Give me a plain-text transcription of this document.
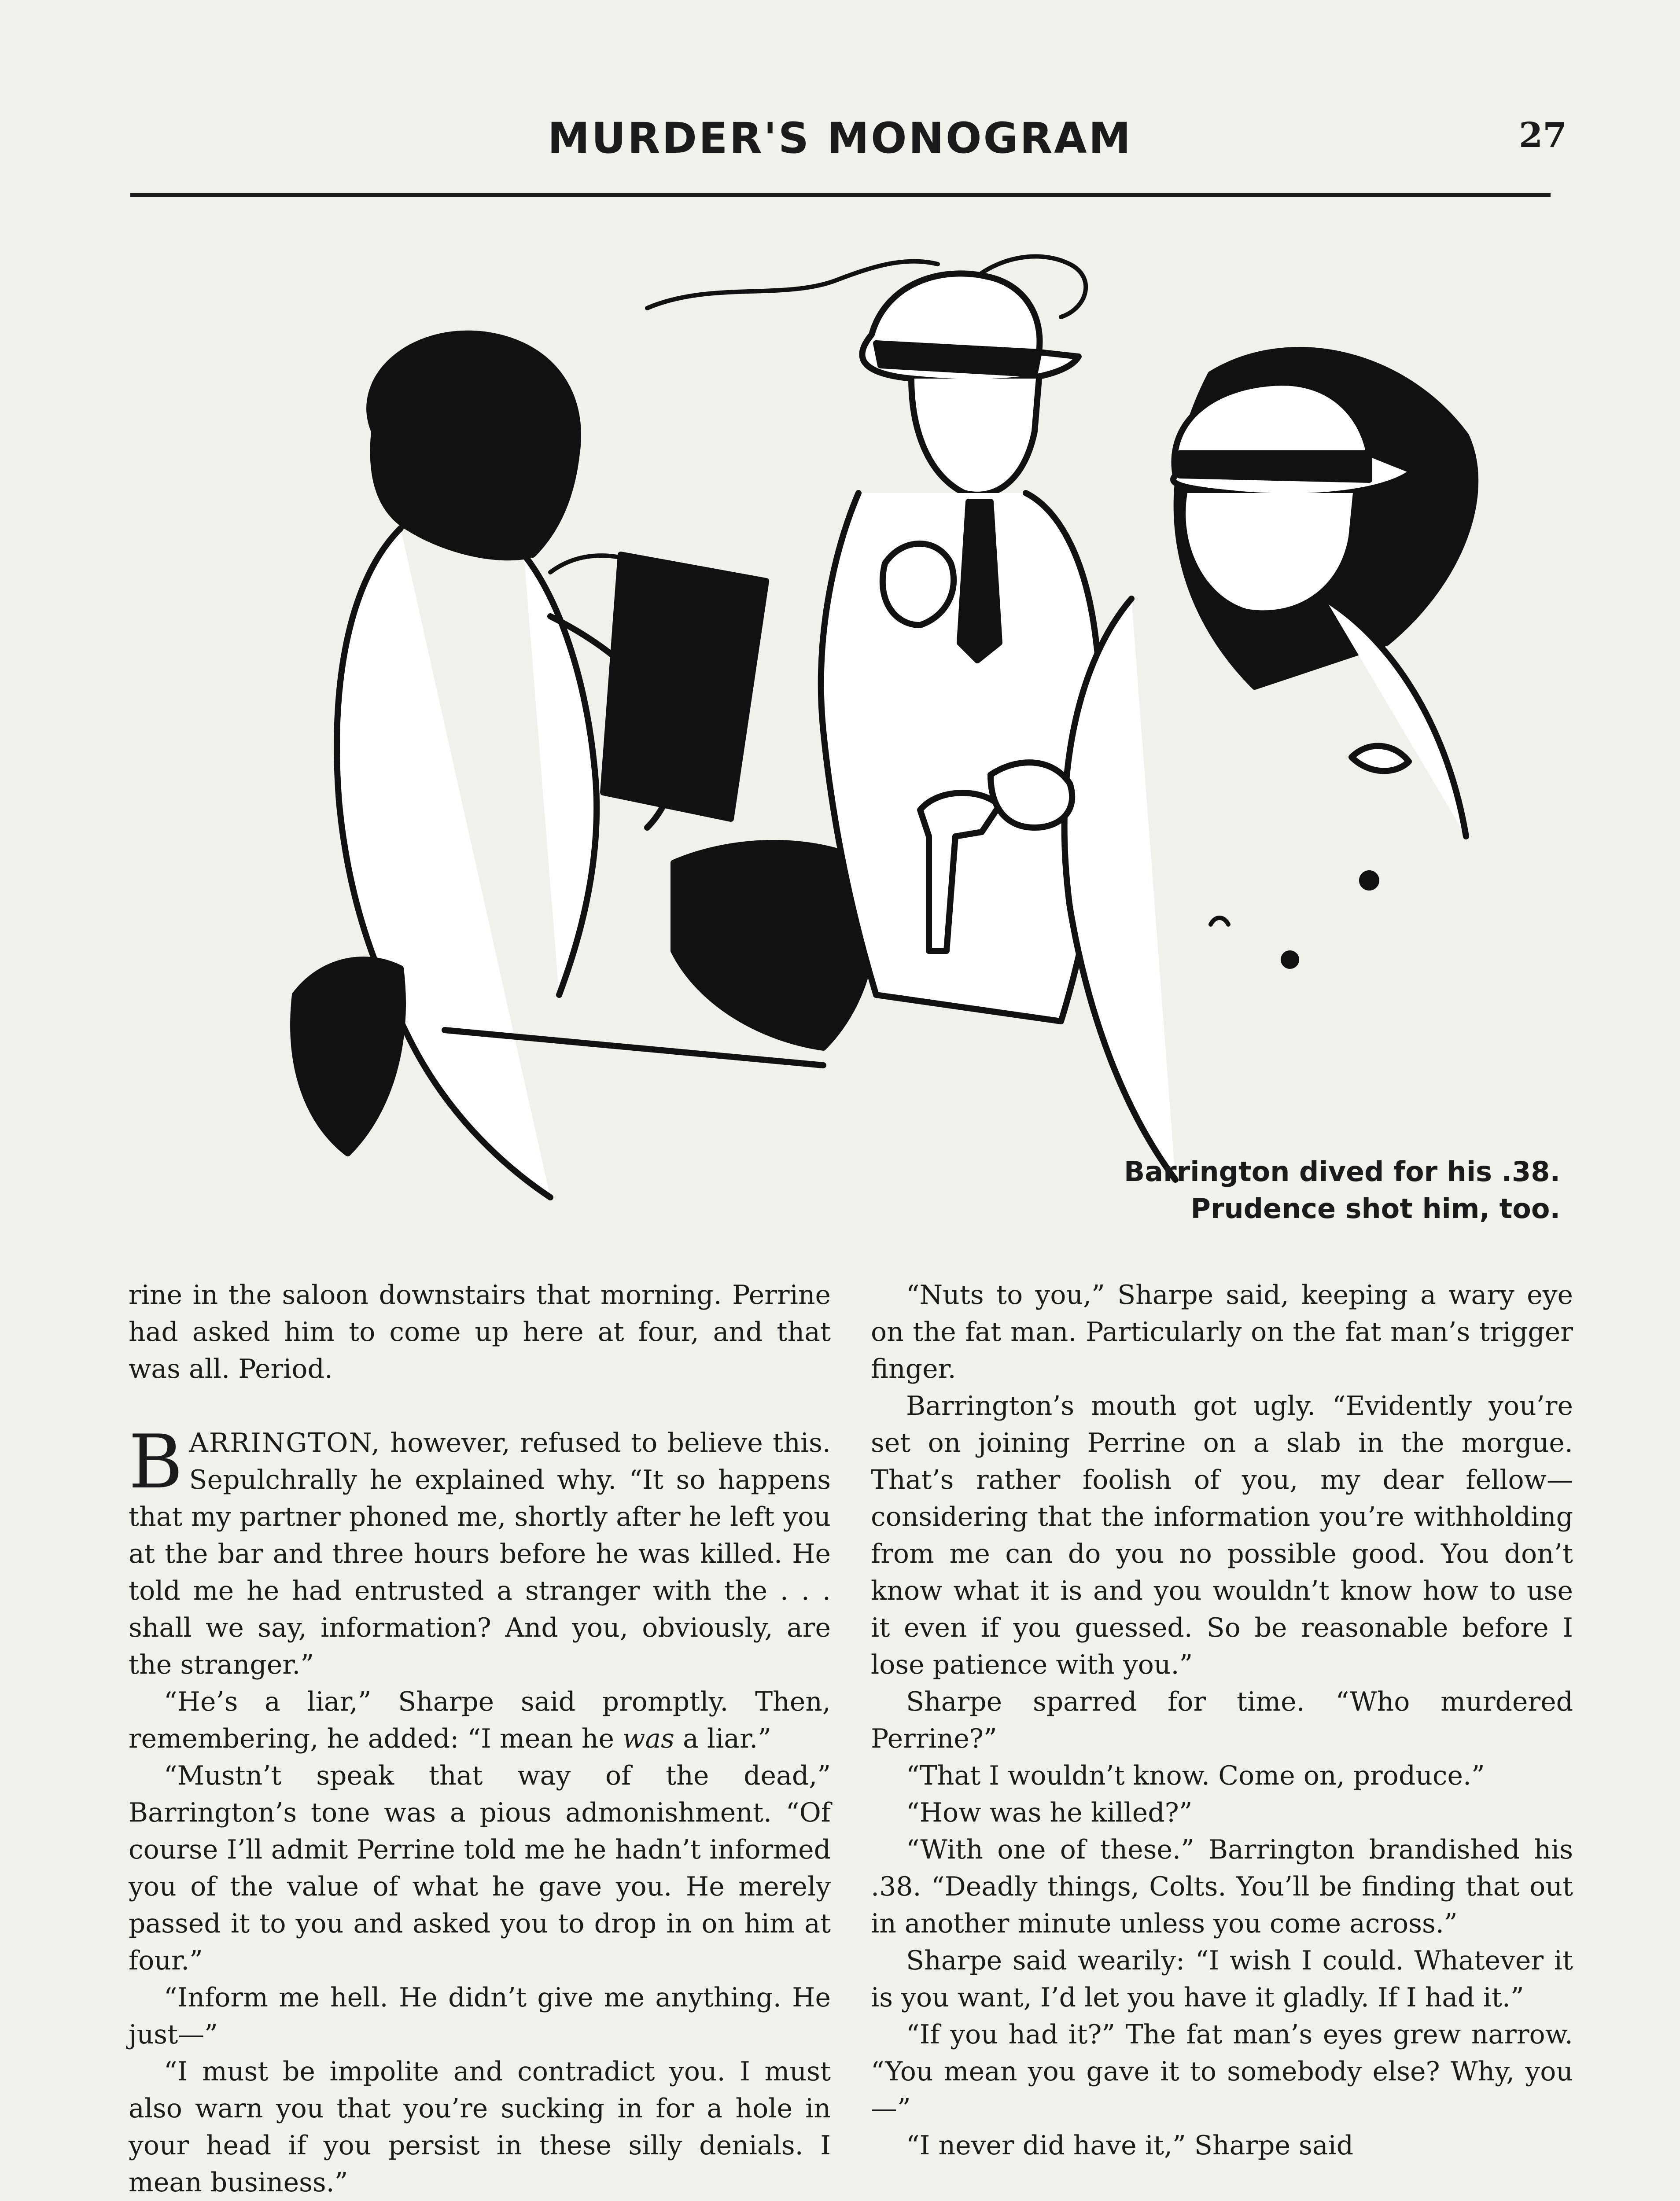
MURDER'S MONOGRAM	27
Barrington dived for his .38.
Prudence shot him, too.

rine in the saloon downstairs that morning. Perrine had asked him to come up here at four, and that was all. Period.

BARRINGTON, however, refused to believe this. Sepulchrally he explained why. “It so happens that my partner phoned me, shortly after he left you at the bar and three hours before he was killed. He told me he had entrusted a stranger with the . . . shall we say, information? And you, obviously, are the stranger.”

“He’s a liar,” Sharpe said promptly. Then, remembering, he added: “I mean he was a liar.”

“Mustn’t speak that way of the dead,” Barrington’s tone was a pious admonishment. “Of course I’ll admit Perrine told me he hadn’t informed you of the value of what he gave you. He merely passed it to you and asked you to drop in on him at four.”

“Inform me hell. He didn’t give me anything. He just—”

“I must be impolite and contradict you. I must also warn you that you’re sucking in for a hole in your head if you persist in these silly denials. I mean business.”

“Nuts to you,” Sharpe said, keeping a wary eye on the fat man. Particularly on the fat man’s trigger finger.

Barrington’s mouth got ugly. “Evidently you’re set on joining Perrine on a slab in the morgue. That’s rather foolish of you, my dear fellow—considering that the information you’re withholding from me can do you no possible good. You don’t know what it is and you wouldn’t know how to use it even if you guessed. So be reasonable before I lose patience with you.”

Sharpe sparred for time. “Who murdered Perrine?”

“That I wouldn’t know. Come on, produce.”

“How was he killed?”

“With one of these.” Barrington brandished his .38. “Deadly things, Colts. You’ll be finding that out in another minute unless you come across.”

Sharpe said wearily: “I wish I could. Whatever it is you want, I’d let you have it gladly. If I had it.”

“If you had it?” The fat man’s eyes grew narrow. “You mean you gave it to somebody else? Why, you—”

“I never did have it,” Sharpe said
